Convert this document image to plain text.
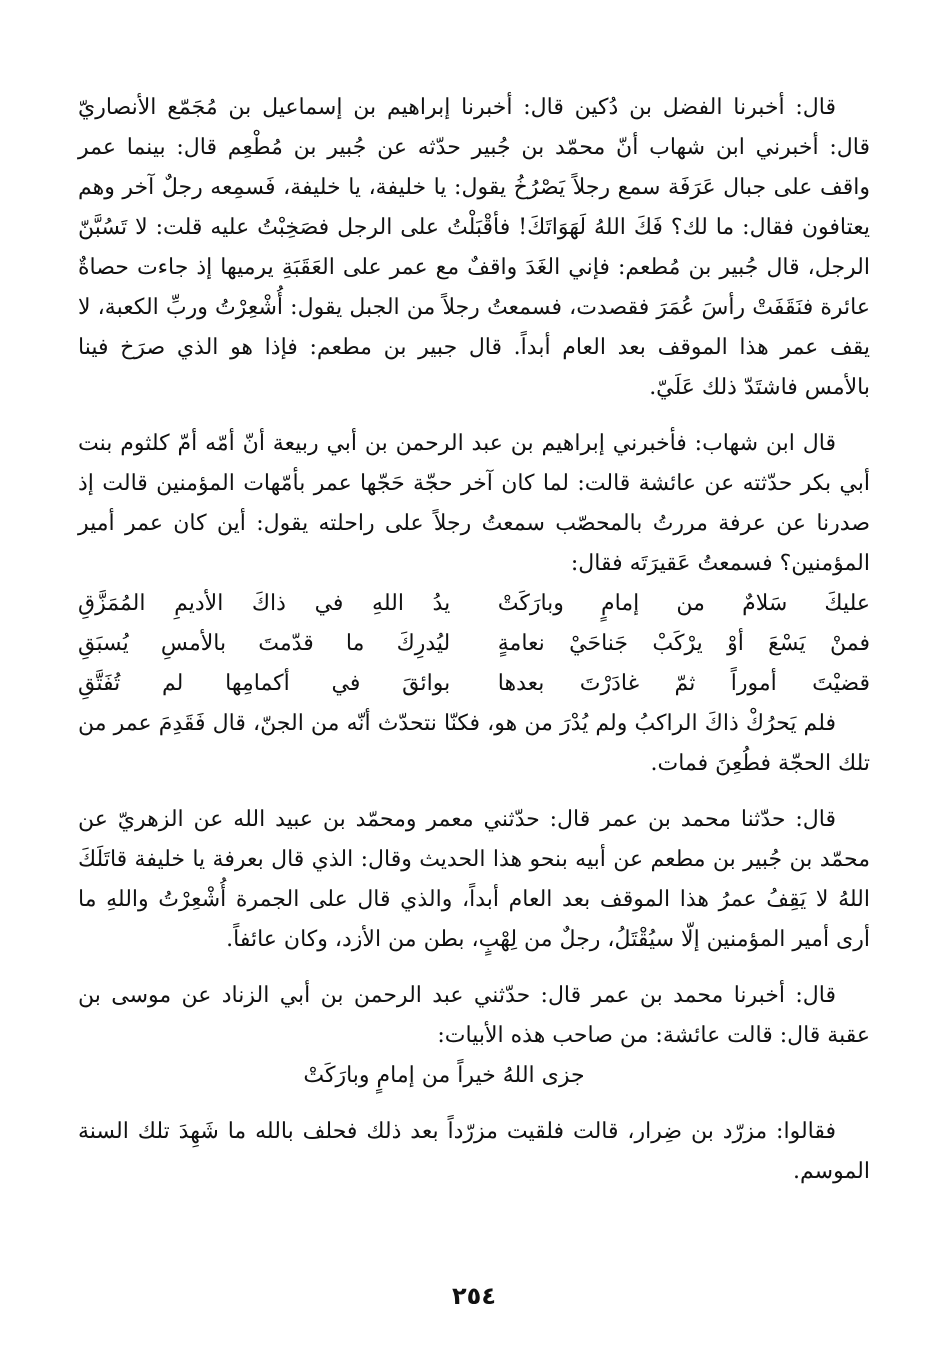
قال: أخبرنا الفضل بن دُكين قال: أخبرنا إبراهيم بن إسماعيل بن مُجَمّع الأنصاريّ قال: أخبرني ابن شهاب أنّ محمّد بن جُبير حدّثه عن جُبير بن مُطْعِم قال: بينما عمر واقف على جبال عَرَفَة سمع رجلاً يَصْرُخُ يقول: يا خليفة، يا خليفة، فَسمِعه رجلٌ آخر وهم يعتافون فقال: ما لك؟ فَكَ اللهُ لَهَوَاتَكَ! فأقْبَلْتُ على الرجل فصَخِبْتُ عليه قلت: لا تَسُبَّنّ الرجل، قال جُبير بن مُطعم: فإني الغَدَ واقفٌ مع عمر على العَقَبَةِ يرميها إذ جاءت حصاةٌ عائرة فنَقَفَتْ رأسَ عُمَرَ فقصدت، فسمعتُ رجلاً من الجبل يقول: أُشْعِرْتُ وربِّ الكعبة، لا يقف عمر هذا الموقف بعد العام أبداً. قال جبير بن مطعم: فإذا هو الذي صرَخ فينا بالأمس فاشتَدّ ذلك عَلَيّ.

قال ابن شهاب: فأخبرني إبراهيم بن عبد الرحمن بن أبي ربيعة أنّ أمّه أمّ كلثوم بنت أبي بكر حدّثته عن عائشة قالت: لما كان آخر حجّة حَجّها عمر بأمّهات المؤمنين قالت إذ صدرنا عن عرفة مررتُ بالمحصّب سمعتُ رجلاً على راحلته يقول: أين كان عمر أمير المؤمنين؟ فسمعتُ عَقيرَتَه فقال:

عليكَ سَلامٌ من إمامٍ وبارَكَتْ
يدُ اللهِ في ذاكَ الأديمِ المُمَزَّقِ
فمنْ يَسْعَ أوْ يرْكَبْ جَناحَيْ نعامةٍ
ليُدرِكَ ما قدّمتَ بالأمسِ يُسبَقِ
قضيْتَ أموراً ثمّ غادَرْتَ بعدها
بوائقَ في أكمامِها لم تُفَتَّقِ

فلم يَحرُكْ ذاكَ الراكبُ ولم يُدْرَ من هو، فكنّا نتحدّث أنّه من الجنّ، قال فَقَدِمَ عمر من تلك الحجّة فطُعِنَ فمات.

قال: حدّثنا محمد بن عمر قال: حدّثني معمر ومحمّد بن عبيد الله عن الزهريّ عن محمّد بن جُبير بن مطعم عن أبيه بنحو هذا الحديث وقال: الذي قال بعرفة يا خليفة قاتَلَكَ اللهُ لا يَقِفُ عمرُ هذا الموقف بعد العام أبداً، والذي قال على الجمرة أُشْعِرْتُ واللهِ ما أرى أمير المؤمنين إلّا سيُقْتَلُ، رجلٌ من لِهْبٍ، بطن من الأزد، وكان عائفاً.

قال: أخبرنا محمد بن عمر قال: حدّثني عبد الرحمن بن أبي الزناد عن موسى بن عقبة قال: قالت عائشة: من صاحب هذه الأبيات:

جزى اللهُ خيراً من إمامٍ وبارَكَتْ

فقالوا: مزرّد بن ضِرار، قالت فلقيت مزرّداً بعد ذلك فحلف بالله ما شَهِدَ تلك السنة الموسم.

٢٥٤
